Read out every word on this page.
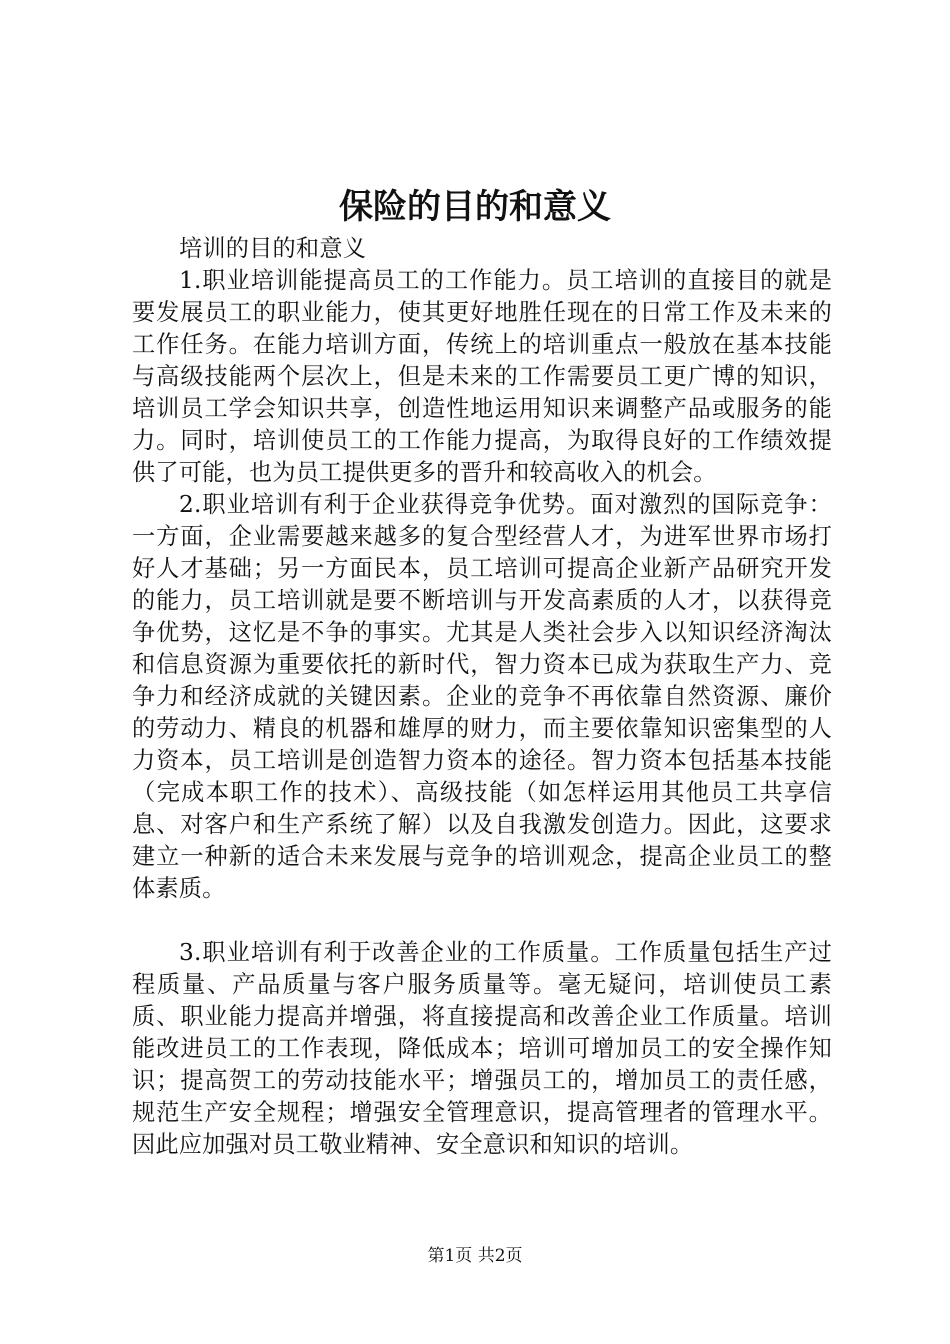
保险的目的和意义

培训的目的和意义

1.职业培训能提高员工的工作能力。员工培训的直接目的就是要发展员工的职业能力，使其更好地胜任现在的日常工作及未来的工作任务。在能力培训方面，传统上的培训重点一般放在基本技能与高级技能两个层次上，但是未来的工作需要员工更广博的知识，培训员工学会知识共享，创造性地运用知识来调整产品或服务的能力。同时，培训使员工的工作能力提高，为取得良好的工作绩效提供了可能，也为员工提供更多的晋升和较高收入的机会。

2.职业培训有利于企业获得竞争优势。面对激烈的国际竞争：一方面，企业需要越来越多的复合型经营人才，为进军世界市场打好人才基础；另一方面民本，员工培训可提高企业新产品研究开发的能力，员工培训就是要不断培训与开发高素质的人才，以获得竞争优势，这忆是不争的事实。尤其是人类社会步入以知识经济淘汰和信息资源为重要依托的新时代，智力资本已成为获取生产力、竞争力和经济成就的关键因素。企业的竞争不再依靠自然资源、廉价的劳动力、精良的机器和雄厚的财力，而主要依靠知识密集型的人力资本，员工培训是创造智力资本的途径。智力资本包括基本技能（完成本职工作的技术）、高级技能（如怎样运用其他员工共享信息、对客户和生产系统了解）以及自我激发创造力。因此，这要求建立一种新的适合未来发展与竞争的培训观念，提高企业员工的整体素质。

3.职业培训有利于改善企业的工作质量。工作质量包括生产过程质量、产品质量与客户服务质量等。毫无疑问，培训使员工素质、职业能力提高并增强，将直接提高和改善企业工作质量。培训能改进员工的工作表现，降低成本；培训可增加员工的安全操作知识；提高贺工的劳动技能水平；增强员工的，增加员工的责任感，规范生产安全规程；增强安全管理意识，提高管理者的管理水平。因此应加强对员工敬业精神、安全意识和知识的培训。

第1页 共2页
